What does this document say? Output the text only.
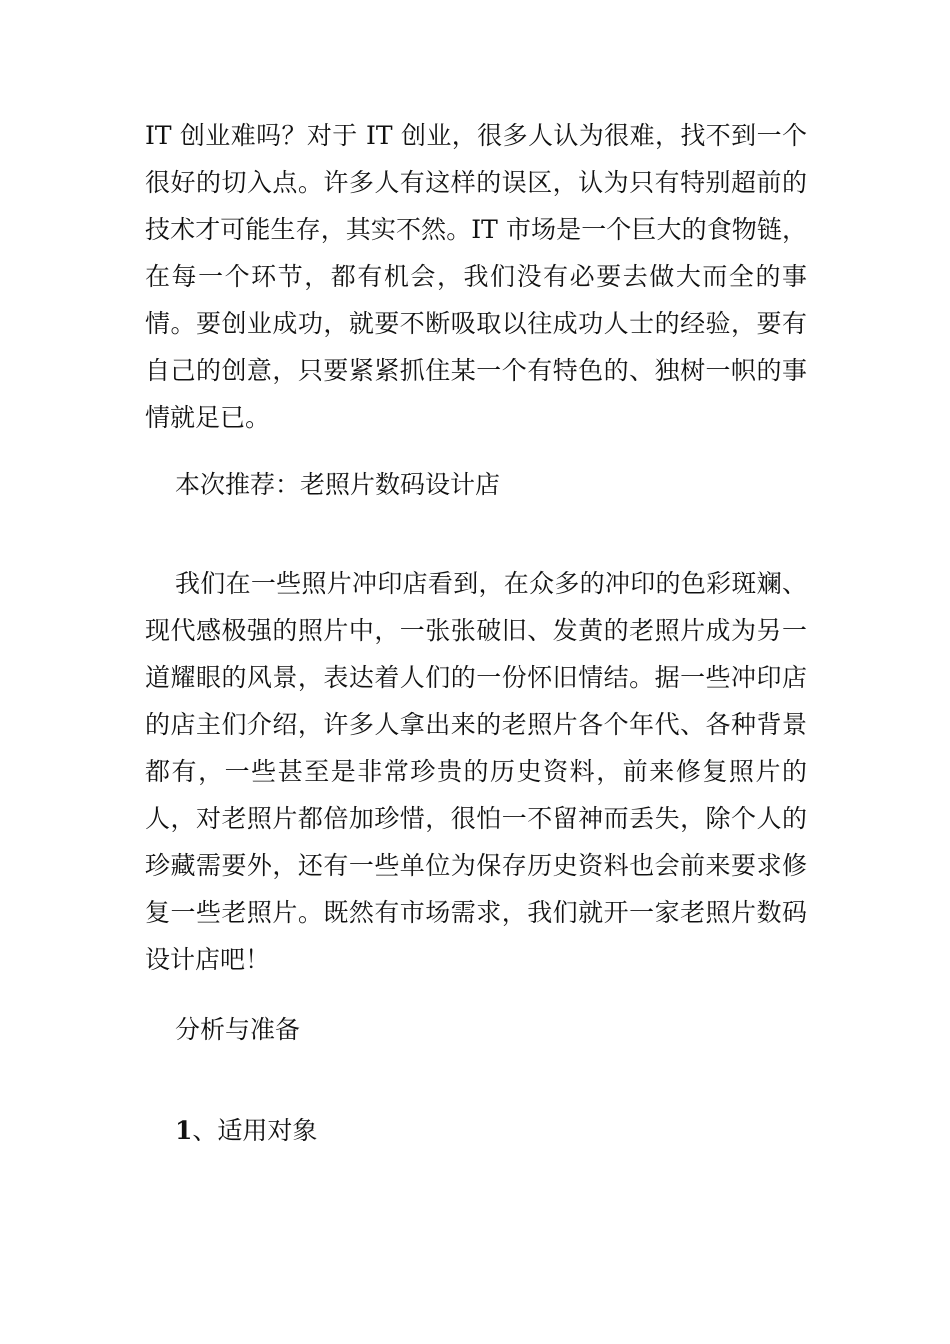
IT 创业难吗？对于 IT 创业，很多人认为很难，找不到一个很好的切入点。许多人有这样的误区，认为只有特别超前的技术才可能生存，其实不然。IT 市场是一个巨大的食物链，在每一个环节，都有机会，我们没有必要去做大而全的事情。要创业成功，就要不断吸取以往成功人士的经验，要有自己的创意，只要紧紧抓住某一个有特色的、独树一帜的事情就足已。

本次推荐：老照片数码设计店

我们在一些照片冲印店看到，在众多的冲印的色彩斑斓、现代感极强的照片中，一张张破旧、发黄的老照片成为另一道耀眼的风景，表达着人们的一份怀旧情结。据一些冲印店的店主们介绍，许多人拿出来的老照片各个年代、各种背景都有，一些甚至是非常珍贵的历史资料，前来修复照片的人，对老照片都倍加珍惜，很怕一不留神而丢失，除个人的珍藏需要外，还有一些单位为保存历史资料也会前来要求修复一些老照片。既然有市场需求，我们就开一家老照片数码设计店吧！

分析与准备

1、适用对象
